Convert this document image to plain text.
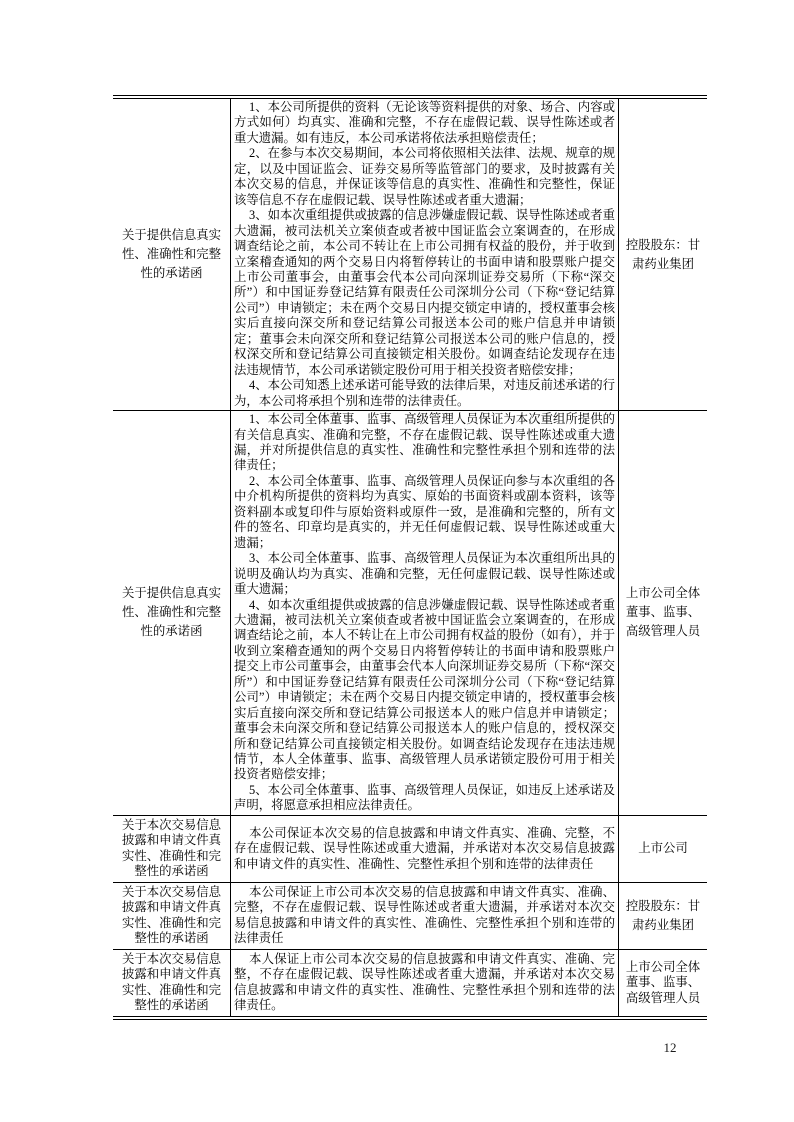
关于提供信息真实性、准确性和完整性的承诺函	1、本公司所提供的资料（无论该等资料提供的对象、场合、内容或方式如何）均真实、准确和完整，不存在虚假记载、误导性陈述或者重大遗漏。如有违反，本公司承诺将依法承担赔偿责任；

2、在参与本次交易期间，本公司将依照相关法律、法规、规章的规定，以及中国证监会、证券交易所等监管部门的要求，及时披露有关本次交易的信息，并保证该等信息的真实性、准确性和完整性，保证该等信息不存在虚假记载、误导性陈述或者重大遗漏；

3、如本次重组提供或披露的信息涉嫌虚假记载、误导性陈述或者重大遗漏，被司法机关立案侦查或者被中国证监会立案调查的，在形成调查结论之前，本公司不转让在上市公司拥有权益的股份，并于收到立案稽查通知的两个交易日内将暂停转让的书面申请和股票账户提交上市公司董事会，由董事会代本公司向深圳证券交易所（下称“深交所”）和中国证券登记结算有限责任公司深圳分公司（下称“登记结算公司”）申请锁定；未在两个交易日内提交锁定申请的，授权董事会核实后直接向深交所和登记结算公司报送本公司的账户信息并申请锁定；董事会未向深交所和登记结算公司报送本公司的账户信息的，授权深交所和登记结算公司直接锁定相关股份。如调查结论发现存在违法违规情节，本公司承诺锁定股份可用于相关投资者赔偿安排；

4、本公司知悉上述承诺可能导致的法律后果，对违反前述承诺的行为，本公司将承担个别和连带的法律责任。	控股股东：甘肃药业集团
关于提供信息真实性、准确性和完整性的承诺函	1、本公司全体董事、监事、高级管理人员保证为本次重组所提供的有关信息真实、准确和完整，不存在虚假记载、误导性陈述或重大遗漏，并对所提供信息的真实性、准确性和完整性承担个别和连带的法律责任；

2、本公司全体董事、监事、高级管理人员保证向参与本次重组的各中介机构所提供的资料均为真实、原始的书面资料或副本资料，该等资料副本或复印件与原始资料或原件一致，是准确和完整的，所有文件的签名、印章均是真实的，并无任何虚假记载、误导性陈述或重大遗漏；

3、本公司全体董事、监事、高级管理人员保证为本次重组所出具的说明及确认均为真实、准确和完整，无任何虚假记载、误导性陈述或重大遗漏；

4、如本次重组提供或披露的信息涉嫌虚假记载、误导性陈述或者重大遗漏，被司法机关立案侦查或者被中国证监会立案调查的，在形成调查结论之前，本人不转让在上市公司拥有权益的股份（如有），并于收到立案稽查通知的两个交易日内将暂停转让的书面申请和股票账户提交上市公司董事会，由董事会代本人向深圳证券交易所（下称“深交所”）和中国证券登记结算有限责任公司深圳分公司（下称“登记结算公司”）申请锁定；未在两个交易日内提交锁定申请的，授权董事会核实后直接向深交所和登记结算公司报送本人的账户信息并申请锁定；董事会未向深交所和登记结算公司报送本人的账户信息的，授权深交所和登记结算公司直接锁定相关股份。如调查结论发现存在违法违规情节，本人全体董事、监事、高级管理人员承诺锁定股份可用于相关投资者赔偿安排；

5、本公司全体董事、监事、高级管理人员保证，如违反上述承诺及声明，将愿意承担相应法律责任。	上市公司全体董事、监事、高级管理人员
关于本次交易信息披露和申请文件真实性、准确性和完整性的承诺函	本公司保证本次交易的信息披露和申请文件真实、准确、完整，不存在虚假记载、误导性陈述或重大遗漏，并承诺对本次交易信息披露和申请文件的真实性、准确性、完整性承担个别和连带的法律责任	上市公司
关于本次交易信息披露和申请文件真实性、准确性和完整性的承诺函	本公司保证上市公司本次交易的信息披露和申请文件真实、准确、完整，不存在虚假记载、误导性陈述或者重大遗漏，并承诺对本次交易信息披露和申请文件的真实性、准确性、完整性承担个别和连带的法律责任	控股股东：甘肃药业集团
关于本次交易信息披露和申请文件真实性、准确性和完整性的承诺函	本人保证上市公司本次交易的信息披露和申请文件真实、准确、完整，不存在虚假记载、误导性陈述或者重大遗漏，并承诺对本次交易信息披露和申请文件的真实性、准确性、完整性承担个别和连带的法律责任。	上市公司全体董事、监事、高级管理人员
12
